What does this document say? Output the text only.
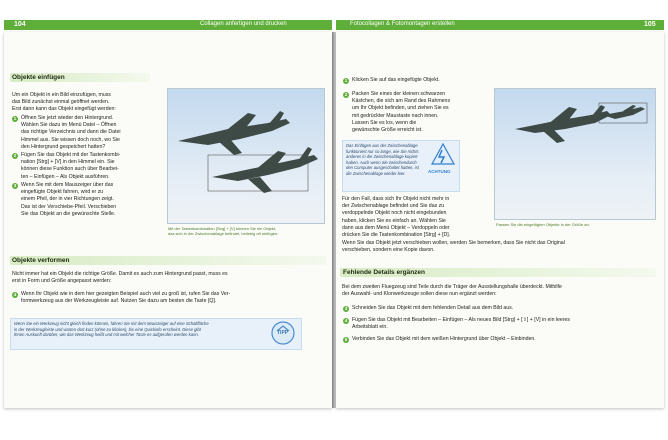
104	Collagen anfertigen und drucken
Objekte einfügen
Um ein Objekt in ein Bild einzufügen, muss
das Bild zunächst einmal geöffnet werden.
Erst dann kann das Objekt eingefügt werden:
1 Öffnen Sie jetzt wieder den Hintergrund.
Wählen Sie dazu im Menü Datei – Öffnen
das richtige Verzeichnis und dann die Datei
Himmel aus. Sie wissen doch noch, wo Sie
den Hintergrund gespeichert hatten?
2 Fügen Sie das Objekt mit der Tastenkombi-
nation [Strg] + [V] in den Himmel ein. Sie
können diese Funktion auch über Bearbei-
ten – Einfügen – Als Objekt ausführen.
3 Wenn Sie mit dem Mauszeiger über das
eingefügte Objekt fahren, wird er zu
einem Pfeil, der in vier Richtungen zeigt.
Das ist der Verschiebe-Pfeil. Verschieben
Sie das Objekt an die gewünschte Stelle.
Mit der Tastenkombination [Strg] + [V] können Sie ein Objekt,
das sich in der Zwischenablage befindet, beliebig oft einfügen.
Objekte verformen
Nicht immer hat ein Objekt die richtige Größe. Damit es auch zum Hintergrund passt, muss es
erst in Form und Größe angepasst werden:
4 Wenn Ihr Objekt wie in dem hier gezeigten Beispiel auch viel zu groß ist, rufen Sie das Ver-
formwerkzeug aus der Werkzeugleiste auf. Nutzen Sie dazu am besten die Taste [Q].
Wenn Sie ein Werkzeug nicht gleich finden können, fahren Sie mit dem Mauszeiger auf eine Schaltfläche
in der Werkzeugleiste und warten dort kurz (ohne zu klicken), bis eine Quickinfo erscheint. Diese gibt
Ihnen Auskunft darüber, wie das Werkzeug heißt und mit welcher Taste es aufgerufen werden kann.	TIPP
Fotocollagen & Fotomontagen erstellen	105
1 Klicken Sie auf das eingefügte Objekt.
2 Packen Sie eines der kleinen schwarzen
Kästchen, die sich am Rand des Rahmens
um Ihr Objekt befinden, und ziehen Sie es
mit gedrückter Maustaste nach innen.
Lassen Sie es los, wenn die
gewünschte Größe erreicht ist.
Das Einfügen aus der Zwischenablage
funktioniert nur so lange, wie Sie nichts
anderes in die Zwischenablage kopiert
haben. Auch wenn Sie zwischendurch
den Computer ausgeschaltet hatten, ist
die Zwischenablage wieder leer.	ACHTUNG
Für den Fall, dass sich Ihr Objekt nicht mehr in
der Zwischenablage befindet und Sie das zu
verdoppelnde Objekt noch nicht eingebunden
haben, klicken Sie es einfach an. Wählen Sie
dann aus dem Menü Objekt – Verdoppeln oder
drücken Sie die Tastenkombination [Strg] + [D].
Passen Sie die eingefügten Objekte in der Größe an.
Wenn Sie das Objekt jetzt verschieben wollen, werden Sie bemerken, dass Sie nicht das Original
verschieben, sondern eine Kopie davon.
Fehlende Details ergänzen
Bei dem zweiten Fluegzeug sind Teile durch die Träger der Ausstellungshalle überdeckt. Mithilfe
der Auswahl- und Klonwerkzeuge sollen diese nun ergänzt werden:
3 Schneiden Sie das Objekt mit dem fehlenden Detail aus dem Bild aus.
4 Fügen Sie das Objekt mit Bearbeiten – Einfügen – Als neues Bild [Strg] + [⇧] + [V] in ein leeres
Arbeitsblatt ein.
5 Verbinden Sie das Objekt mit dem weißen Hintergrund über Objekt – Einbinden.
